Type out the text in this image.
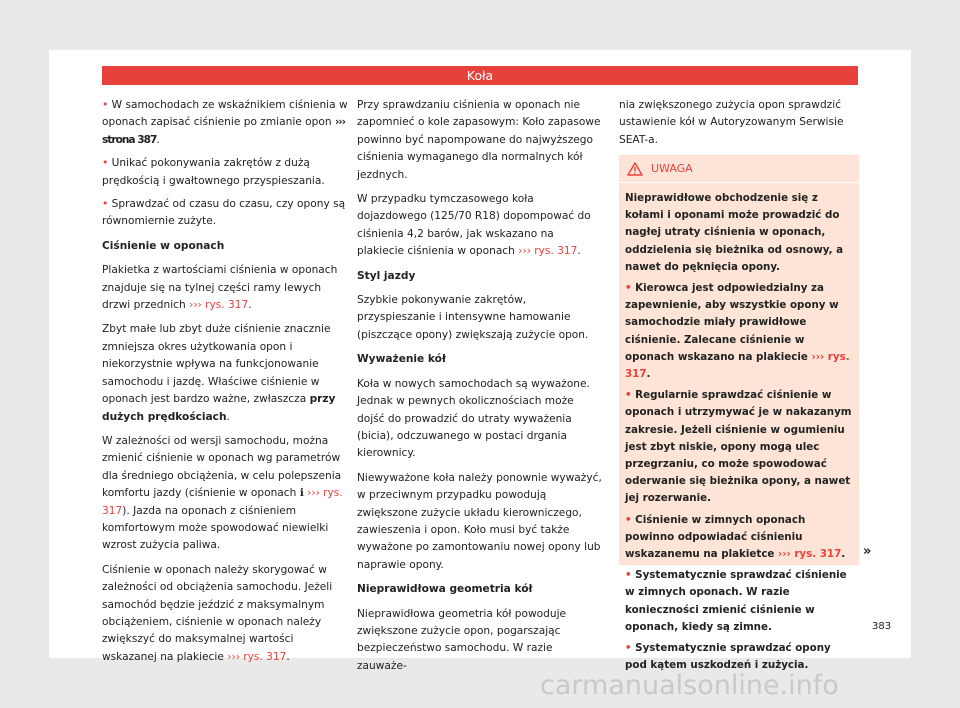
Koła

• W samochodach ze wskaźnikiem ciśnienia w oponach zapisać ciśnienie po zmianie opon ››› strona 387.

• Unikać pokonywania zakrętów z dużą prędkością i gwałtownego przyspieszania.

• Sprawdzać od czasu do czasu, czy opony są równomiernie zużyte.

Ciśnienie w oponach

Plakietka z wartościami ciśnienia w oponach znajduje się na tylnej części ramy lewych drzwi przednich ››› rys. 317.

Zbyt małe lub zbyt duże ciśnienie znacznie zmniejsza okres użytkowania opon i niekorzystnie wpływa na funkcjonowanie samochodu i jazdę. Właściwe ciśnienie w oponach jest bardzo ważne, zwłaszcza przy dużych prędkościach.

W zależności od wersji samochodu, można zmienić ciśnienie w oponach wg parametrów dla średniego obciążenia, w celu polepszenia komfortu jazdy (ciśnienie w oponach ℹ ››› rys. 317). Jazda na oponach z ciśnieniem komfortowym może spowodować niewielki wzrost zużycia paliwa.

Ciśnienie w oponach należy skorygować w zależności od obciążenia samochodu. Jeżeli samochód będzie jeździć z maksymalnym obciążeniem, ciśnienie w oponach należy zwiększyć do maksymalnej wartości wskazanej na plakiecie ››› rys. 317.

Przy sprawdzaniu ciśnienia w oponach nie zapomnieć o kole zapasowym: Koło zapasowe powinno być napompowane do najwyższego ciśnienia wymaganego dla normalnych kół jezdnych.

W przypadku tymczasowego koła dojazdowego (125/70 R18) dopompować do ciśnienia 4,2 barów, jak wskazano na plakiecie ciśnienia w oponach ››› rys. 317.

Styl jazdy

Szybkie pokonywanie zakrętów, przyspieszanie i intensywne hamowanie (piszczące opony) zwiększają zużycie opon.

Wyważenie kół

Koła w nowych samochodach są wyważone. Jednak w pewnych okolicznościach może dojść do prowadzić do utraty wyważenia (bicia), odczuwanego w postaci drgania kierownicy.

Niewyważone koła należy ponownie wyważyć, w przeciwnym przypadku powodują zwiększone zużycie układu kierowniczego, zawieszenia i opon. Koło musi być także wyważone po zamontowaniu nowej opony lub naprawie opony.

Nieprawidłowa geometria kół

Nieprawidłowa geometria kół powoduje zwiększone zużycie opon, pogarszając bezpieczeństwo samochodu. W razie zauważe-

nia zwiększonego zużycia opon sprawdzić ustawienie kół w Autoryzowanym Serwisie SEAT-a.

UWAGA

Nieprawidłowe obchodzenie się z kołami i oponami może prowadzić do nagłej utraty ciśnienia w oponach, oddzielenia się bieżnika od osnowy, a nawet do pęknięcia opony.

• Kierowca jest odpowiedzialny za zapewnienie, aby wszystkie opony w samochodzie miały prawidłowe ciśnienie. Zalecane ciśnienie w oponach wskazano na plakiecie ››› rys. 317.

• Regularnie sprawdzać ciśnienie w oponach i utrzymywać je w nakazanym zakresie. Jeżeli ciśnienie w ogumieniu jest zbyt niskie, opony mogą ulec przegrzaniu, co może spowodować oderwanie się bieżnika opony, a nawet jej rozerwanie.

• Ciśnienie w zimnych oponach powinno odpowiadać ciśnieniu wskazanemu na plakietce ››› rys. 317.

• Systematycznie sprawdzać ciśnienie w zimnych oponach. W razie konieczności zmienić ciśnienie w oponach, kiedy są zimne.

• Systematycznie sprawdzać opony pod kątem uszkodzeń i zużycia.

»
383
carmanualsonline.info
